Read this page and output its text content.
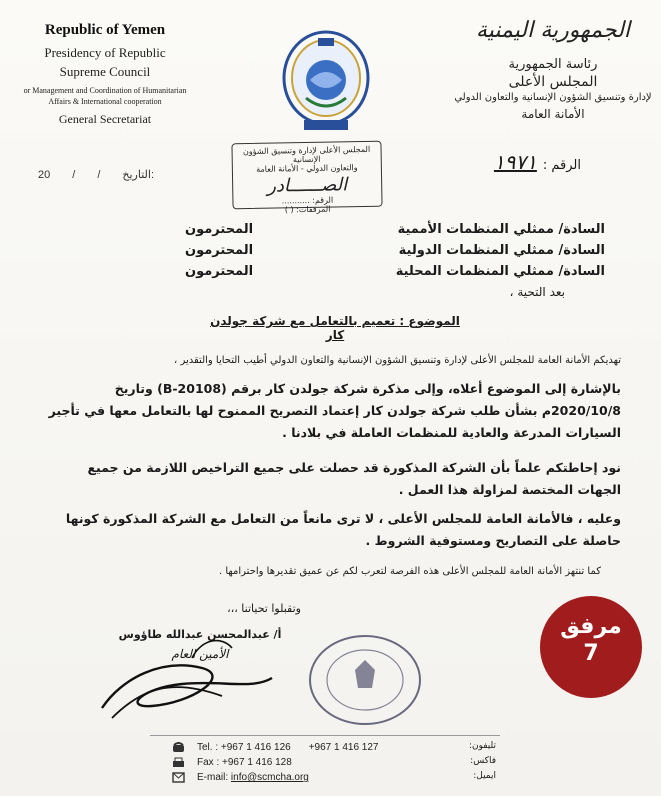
Republic of Yemen
Presidency of Republic
Supreme Council
or Management and Coordination of Humanitarian
Affairs & International cooperation
General Secretariat
الجمهورية اليمنية
رئاسة الجمهورية
المجلس الأعلى
لإدارة وتنسيق الشؤون الإنسانية والتعاون الدولي
الأمانة العامة
الرقم :١٩٧١
20 / / التاريخ:
المجلس الأعلى لإدارة وتنسيق الشؤون الإنسانية
والتعاون الدولي - الأمانة العامة
الصــــــادر
الرقم: ...........
المرفقات: ( )
السادة/ ممثلي المنظمات الأممية
المحترمون
السادة/ ممثلي المنظمات الدولية
المحترمون
السادة/ ممثلي المنظمات المحلية
المحترمون
بعد التحية ،
الموضوع : تعميم بالتعامل مع شركة جولدن كار
تهديكم الأمانة العامة للمجلس الأعلى لإدارة وتنسيق الشؤون الإنسانية والتعاون الدولي أطيب التحايا والتقدير ،
بالإشارة إلى الموضوع أعلاه، وإلى مذكرة شركة جولدن كار برقم (B-20108) وتاريخ 2020/10/8م بشأن طلب شركة جولدن كار إعتماد التصريح الممنوح لها بالتعامل معها في تأجير السيارات المدرعة والعادية للمنظمات العاملة في بلادنا .
نود إحاطتكم علماً بأن الشركة المذكورة قد حصلت على جميع التراخيص اللازمة من جميع الجهات المختصة لمزاولة هذا العمل .
وعليه ، فالأمانة العامة للمجلس الأعلى ، لا ترى مانعاً من التعامل مع الشركة المذكورة كونها حاصلة على التصاريح ومستوفية الشروط .
كما تنتهز الأمانة العامة للمجلس الأعلى هذه الفرصة لتعرب لكم عن عميق تقديرها واحترامها .
وتقبلوا تحياتنا ،،،
أ/ عبدالمحسن عبدالله طاؤوس
الأمين العام
مرفق
7
Tel. :
+967 1 416 126 +967 1 416 127
Fax :
+967 1 416 128
E-mail:
info@scmcha.org
تليفون:
فاكس:
ايميل:
